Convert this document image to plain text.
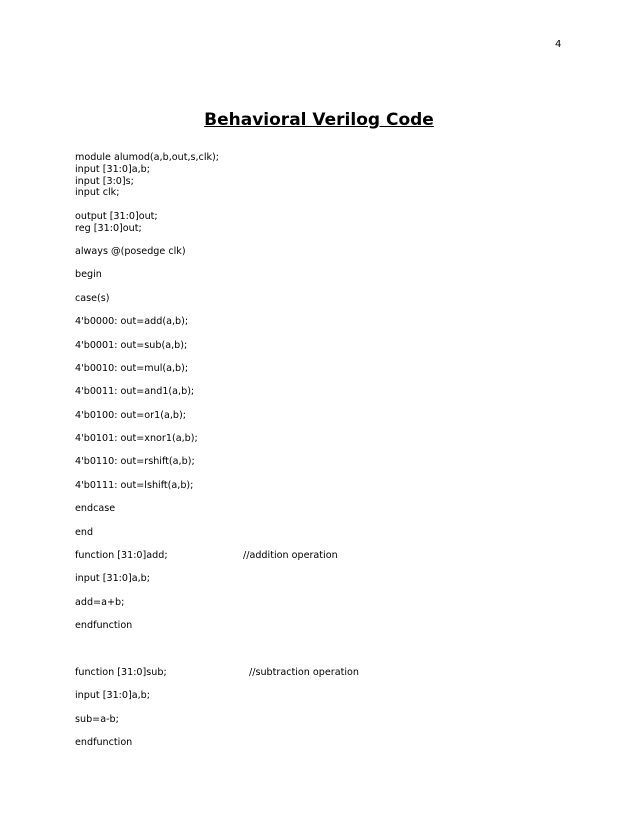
4
Behavioral Verilog Code
module alumod(a,b,out,s,clk);
input [31:0]a,b;
input [3:0]s;
input clk;
output [31:0]out;
reg [31:0]out;
always @(posedge clk)
begin
case(s)
4'b0000: out=add(a,b);
4'b0001: out=sub(a,b);
4'b0010: out=mul(a,b);
4'b0011: out=and1(a,b);
4'b0100: out=or1(a,b);
4'b0101: out=xnor1(a,b);
4'b0110: out=rshift(a,b);
4'b0111: out=lshift(a,b);
endcase
end
function [31:0]add;	//addition operation
input [31:0]a,b;
add=a+b;
endfunction
function [31:0]sub;	//subtraction operation
input [31:0]a,b;
sub=a-b;
endfunction
